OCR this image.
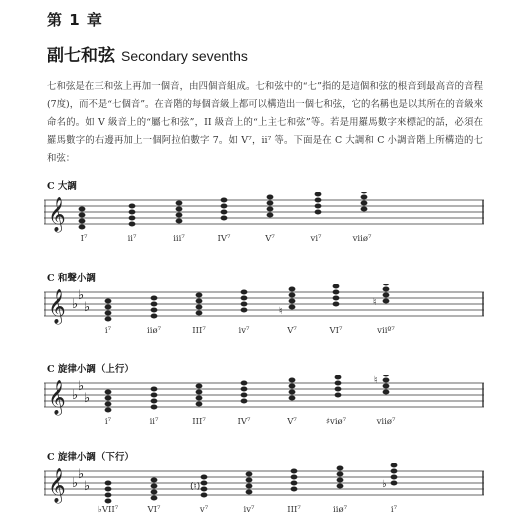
第 1 章
副七和弦 Secondary sevenths
七和弦是在三和弦上再加一個音，由四個音組成。七和弦中的“七”指的是這個和弦的根音到最高音的音程(7度)，而不是“七個音”。在音階的每個音級上都可以構造出一個七和弦，它的名稱也是以其所在的音級來命名的。如 V 級音上的“屬七和弦”，II 級音上的“上主七和弦”等。若是用羅馬數字來標記的話，必須在羅馬數字的右邊再加上一個阿拉伯數字 7。如 V⁷，ii⁷ 等。下面是在 C 大調和 C 小調音階上所構造的七和弦：
C 大調
𝄞
I⁷	ii⁷	iii⁷	IV⁷	V⁷	vi⁷	viiø⁷
C 和聲小調
𝄞 ♭
♭
♭	♮
♮
i⁷	iiø⁷	III⁷	iv⁷	V⁷	VI⁷	viiº⁷
C 旋律小調（上行）
𝄞 ♭
♭
♭
♮
i⁷	ii⁷	III⁷	IV⁷	V⁷	♯viø⁷	viiø⁷
C 旋律小調（下行）
𝄞 ♭
♭
♭	(♮)	♭
♭VII⁷	VI⁷	v⁷	iv⁷	III⁷	iiø⁷	i⁷
